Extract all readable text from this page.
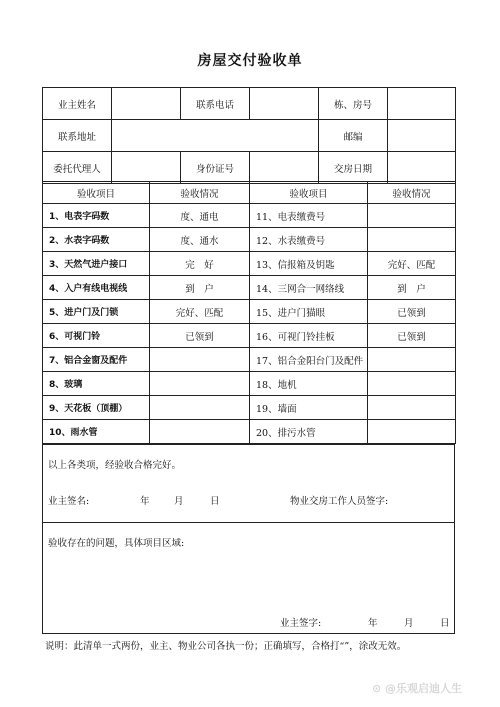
房屋交付验收单
业主姓名		联系电话		栋、房号	
联系地址				邮编	
委托代理人		身份证号		交房日期	
验收项目	验收情况	验收项目	验收情况
1、电表字码数	度、通电	11、电表缴费号	
2、水表字码数	度、通水	12、水表缴费号	
3、天然气进户接口	完　好	13、信报箱及钥匙	完好、匹配
4、入户有线电视线	到　户	14、三网合一网络线	到　户
5、进户门及门锁	完好、匹配	15、进户门猫眼	已领到
6、可视门铃	已领到	16、可视门铃挂板	已领到
7、铝合金窗及配件		17、铝合金阳台门及配件	
8、玻璃		18、地机	
9、天花板（顶棚）		19、墙面	
10、雨水管		20、排污水管	
以上各类项，经验收合格完好。
业主签名:	年	月	日	物业交房工作人员签字:

验收存在的问题，具体项目区域:
业主签字:	年	月	日
说明：此清单一式两份，业主、物业公司各执一份；正确填写，合格打“”，涂改无效。
⊙ @乐观启迪人生
